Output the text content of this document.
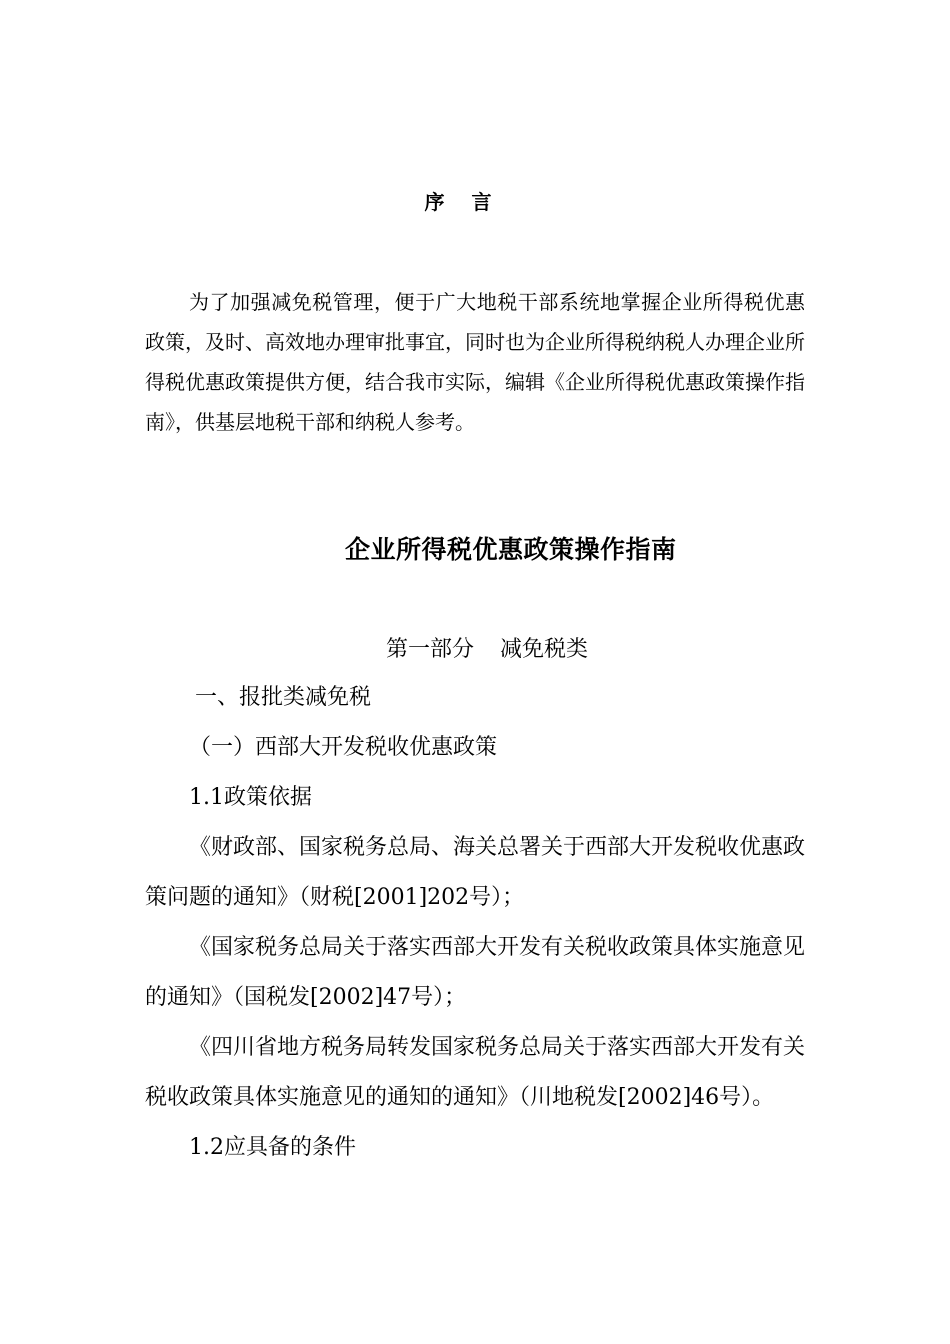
序 言

为了加强减免税管理，便于广大地税干部系统地掌握企业所得税优惠政策，及时、高效地办理审批事宜，同时也为企业所得税纳税人办理企业所得税优惠政策提供方便，结合我市实际，编辑《企业所得税优惠政策操作指南》，供基层地税干部和纳税人参考。

企业所得税优惠政策操作指南
第一部分 减免税类

一、报批类减免税

（一）西部大开发税收优惠政策

1.1政策依据

《财政部、国家税务总局、海关总署关于西部大开发税收优惠政策问题的通知》（财税[2001]202号）；

《国家税务总局关于落实西部大开发有关税收政策具体实施意见的通知》（国税发[2002]47号）；

《四川省地方税务局转发国家税务总局关于落实西部大开发有关税收政策具体实施意见的通知的通知》（川地税发[2002]46号）。

1.2应具备的条件
